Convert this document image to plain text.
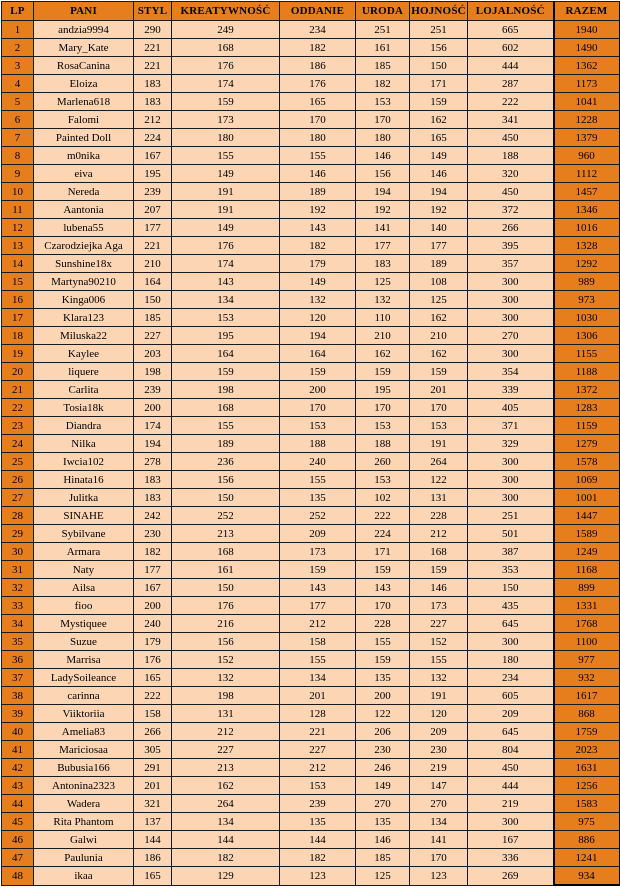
LP	PANI	STYL	KREATYWNOŚĆ	ODDANIE	URODA	HOJNOŚĆ	LOJALNOŚĆ	RAZEM
1	andzia9994	290	249	234	251	251	665	1940
2	Mary_Kate	221	168	182	161	156	602	1490
3	RosaCanina	221	176	186	185	150	444	1362
4	Eloiza	183	174	176	182	171	287	1173
5	Marlena618	183	159	165	153	159	222	1041
6	Falomi	212	173	170	170	162	341	1228
7	Painted Doll	224	180	180	180	165	450	1379
8	m0nika	167	155	155	146	149	188	960
9	eiva	195	149	146	156	146	320	1112
10	Nereda	239	191	189	194	194	450	1457
11	Aantonia	207	191	192	192	192	372	1346
12	lubena55	177	149	143	141	140	266	1016
13	Czarodziejka Aga	221	176	182	177	177	395	1328
14	Sunshine18x	210	174	179	183	189	357	1292
15	Martyna90210	164	143	149	125	108	300	989
16	Kinga006	150	134	132	132	125	300	973
17	Klara123	185	153	120	110	162	300	1030
18	Miluska22	227	195	194	210	210	270	1306
19	Kaylee	203	164	164	162	162	300	1155
20	liquere	198	159	159	159	159	354	1188
21	Carlita	239	198	200	195	201	339	1372
22	Tosia18k	200	168	170	170	170	405	1283
23	Diandra	174	155	153	153	153	371	1159
24	Nilka	194	189	188	188	191	329	1279
25	Iwcia102	278	236	240	260	264	300	1578
26	Hinata16	183	156	155	153	122	300	1069
27	Julitka	183	150	135	102	131	300	1001
28	SINAHE	242	252	252	222	228	251	1447
29	Sybilvane	230	213	209	224	212	501	1589
30	Armara	182	168	173	171	168	387	1249
31	Naty	177	161	159	159	159	353	1168
32	Ailsa	167	150	143	143	146	150	899
33	fioo	200	176	177	170	173	435	1331
34	Mystiquee	240	216	212	228	227	645	1768
35	Suzue	179	156	158	155	152	300	1100
36	Marrisa	176	152	155	159	155	180	977
37	LadySoileance	165	132	134	135	132	234	932
38	carinna	222	198	201	200	191	605	1617
39	Viiktoriia	158	131	128	122	120	209	868
40	Amelia83	266	212	221	206	209	645	1759
41	Mariciosaa	305	227	227	230	230	804	2023
42	Bubusia166	291	213	212	246	219	450	1631
43	Antonina2323	201	162	153	149	147	444	1256
44	Wadera	321	264	239	270	270	219	1583
45	Rita Phantom	137	134	135	135	134	300	975
46	Galwi	144	144	144	146	141	167	886
47	Paulunia	186	182	182	185	170	336	1241
48	ikaa	165	129	123	125	123	269	934
